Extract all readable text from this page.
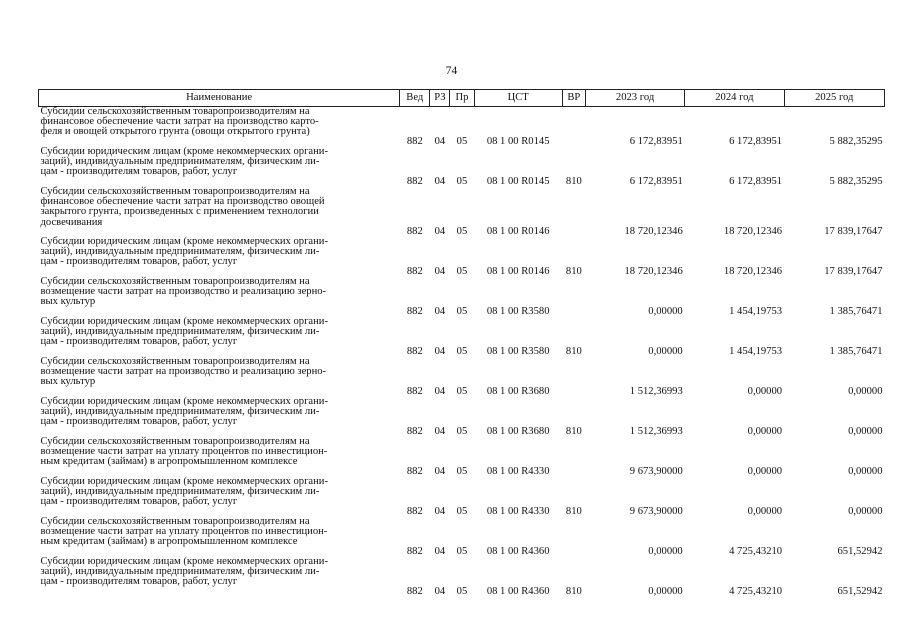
74
Наименование	Вед	РЗ	Пр	ЦСТ	ВР	2023 год	2024 год	2025 год

Субсидии сельскохозяйственным товаропроизводителям на
финансовое обеспечение части затрат на производство карто-
феля и овощей открытого грунта (овощи открытого грунта)	882	04	05	08 1 00 R0145		6 172,83951	6 172,83951	5 882,35295

Субсидии юридическим лицам (кроме некоммерческих органи-
заций), индивидуальным предпринимателям, физическим ли-
цам - производителям товаров, работ, услуг	882	04	05	08 1 00 R0145	810	6 172,83951	6 172,83951	5 882,35295

Субсидии сельскохозяйственным товаропроизводителям на
финансовое обеспечение части затрат на производство овощей
закрытого грунта, произведенных с применением технологии
досвечивания	882	04	05	08 1 00 R0146		18 720,12346	18 720,12346	17 839,17647

Субсидии юридическим лицам (кроме некоммерческих органи-
заций), индивидуальным предпринимателям, физическим ли-
цам - производителям товаров, работ, услуг	882	04	05	08 1 00 R0146	810	18 720,12346	18 720,12346	17 839,17647

Субсидии сельскохозяйственным товаропроизводителям на
возмещение части затрат на производство и реализацию зерно-
вых культур	882	04	05	08 1 00 R3580		0,00000	1 454,19753	1 385,76471

Субсидии юридическим лицам (кроме некоммерческих органи-
заций), индивидуальным предпринимателям, физическим ли-
цам - производителям товаров, работ, услуг	882	04	05	08 1 00 R3580	810	0,00000	1 454,19753	1 385,76471

Субсидии сельскохозяйственным товаропроизводителям на
возмещение части затрат на производство и реализацию зерно-
вых культур	882	04	05	08 1 00 R3680		1 512,36993	0,00000	0,00000

Субсидии юридическим лицам (кроме некоммерческих органи-
заций), индивидуальным предпринимателям, физическим ли-
цам - производителям товаров, работ, услуг	882	04	05	08 1 00 R3680	810	1 512,36993	0,00000	0,00000

Субсидии сельскохозяйственным товаропроизводителям на
возмещение части затрат на уплату процентов по инвестицион-
ным кредитам (займам) в агропромышленном комплексе	882	04	05	08 1 00 R4330		9 673,90000	0,00000	0,00000

Субсидии юридическим лицам (кроме некоммерческих органи-
заций), индивидуальным предпринимателям, физическим ли-
цам - производителям товаров, работ, услуг	882	04	05	08 1 00 R4330	810	9 673,90000	0,00000	0,00000

Субсидии сельскохозяйственным товаропроизводителям на
возмещение части затрат на уплату процентов по инвестицион-
ным кредитам (займам) в агропромышленном комплексе	882	04	05	08 1 00 R4360		0,00000	4 725,43210	651,52942

Субсидии юридическим лицам (кроме некоммерческих органи-
заций), индивидуальным предпринимателям, физическим ли-
цам - производителям товаров, работ, услуг	882	04	05	08 1 00 R4360	810	0,00000	4 725,43210	651,52942
